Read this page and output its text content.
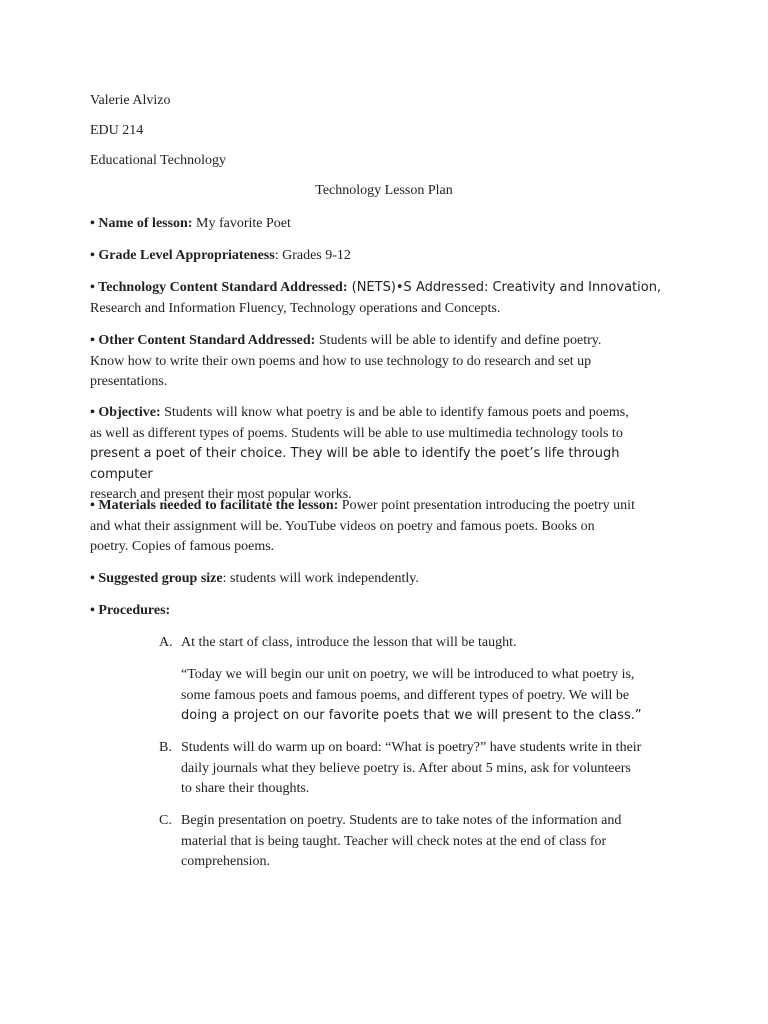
Valerie Alvizo

EDU 214

Educational Technology

Technology Lesson Plan

• Name of lesson: My favorite Poet

• Grade Level Appropriateness: Grades 9-12

• Technology Content Standard Addressed: (NETS)•S Addressed: Creativity and Innovation,
Research and Information Fluency, Technology operations and Concepts.
• Other Content Standard Addressed: Students will be able to identify and define poetry.
Know how to write their own poems and how to use technology to do research and set up
presentations.
• Objective: Students will know what poetry is and be able to identify famous poets and poems,
as well as different types of poems. Students will be able to use multimedia technology tools to
present a poet of their choice. They will be able to identify the poet’s life through computer
research and present their most popular works.
• Materials needed to facilitate the lesson: Power point presentation introducing the poetry unit
and what their assignment will be. YouTube videos on poetry and famous poets. Books on
poetry. Copies of famous poems.

• Suggested group size: students will work independently.

• Procedures:

A. At the start of class, introduce the lesson that will be taught.
“Today we will begin our unit on poetry, we will be introduced to what poetry is,
some famous poets and famous poems, and different types of poetry. We will be
doing a project on our favorite poets that we will present to the class.”
B. Students will do warm up on board: “What is poetry?” have students write in their
daily journals what they believe poetry is. After about 5 mins, ask for volunteers
to share their thoughts.
C. Begin presentation on poetry. Students are to take notes of the information and
material that is being taught. Teacher will check notes at the end of class for
comprehension.
